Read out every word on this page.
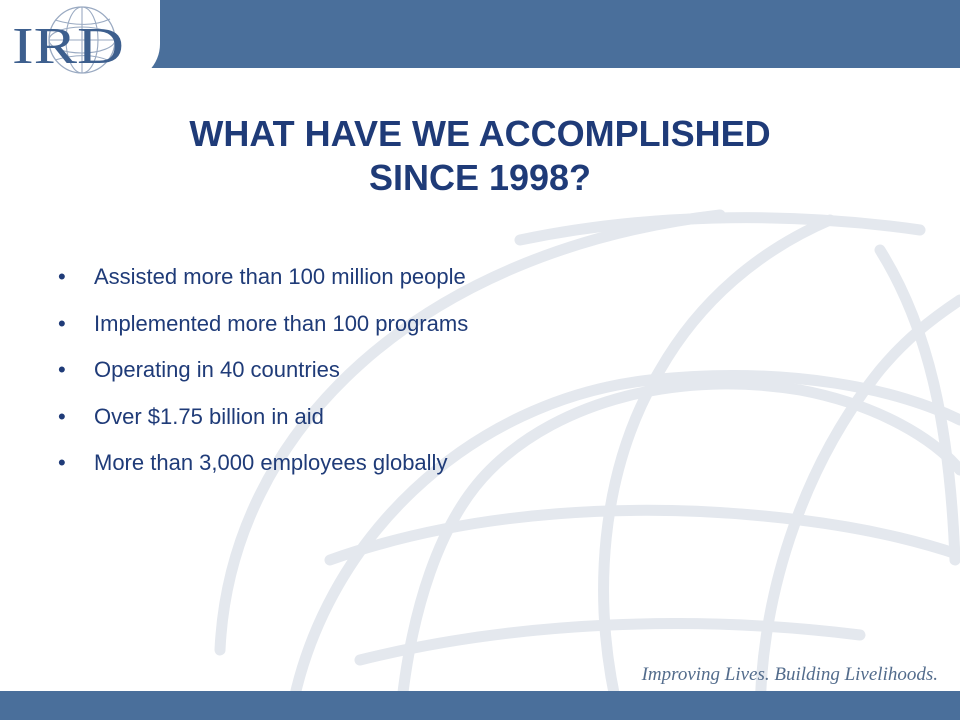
IRD
WHAT HAVE WE ACCOMPLISHED
SINCE 1998?
• Assisted more than 100 million people
• Implemented more than 100 programs
• Operating in 40 countries
• Over $1.75 billion in aid
• More than 3,000 employees globally
Improving Lives. Building Livelihoods.
